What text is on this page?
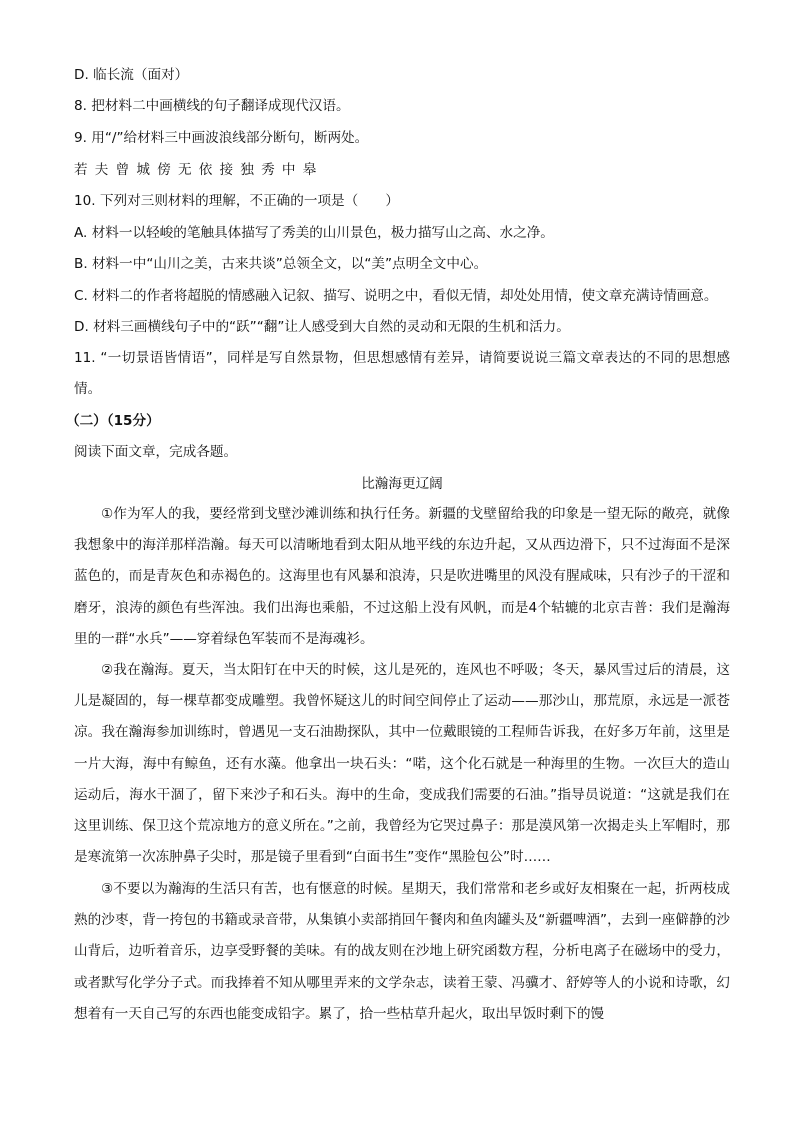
D. 临长流（面对）
8. 把材料二中画横线的句子翻译成现代汉语。
9. 用“/”给材料三中画波浪线部分断句，断两处。
若夫曾城傍无依接独秀中皋
10. 下列对三则材料的理解，不正确的一项是（　　）
A. 材料一以轻峻的笔触具体描写了秀美的山川景色，极力描写山之高、水之净。
B. 材料一中“山川之美，古来共谈”总领全文，以“美”点明全文中心。
C. 材料二的作者将超脱的情感融入记叙、描写、说明之中，看似无情，却处处用情，使文章充满诗情画意。
D. 材料三画横线句子中的“跃”“翻”让人感受到大自然的灵动和无限的生机和活力。
11. “一切景语皆情语”，同样是写自然景物，但思想感情有差异，请简要说说三篇文章表达的不同的思想感情。
（二）（15分）
阅读下面文章，完成各题。
比瀚海更辽阔
①作为军人的我，要经常到戈壁沙滩训练和执行任务。新疆的戈壁留给我的印象是一望无际的敞亮，就像我想象中的海洋那样浩瀚。每天可以清晰地看到太阳从地平线的东边升起，又从西边滑下，只不过海面不是深蓝色的，而是青灰色和赤褐色的。这海里也有风暴和浪涛，只是吹进嘴里的风没有腥咸味，只有沙子的干涩和磨牙，浪涛的颜色有些浑浊。我们出海也乘船，不过这船上没有风帆，而是4个轱辘的北京吉普：我们是瀚海里的一群“水兵”——穿着绿色军装而不是海魂衫。
②我在瀚海。夏天，当太阳钉在中天的时候，这儿是死的，连风也不呼吸；冬天，暴风雪过后的清晨，这儿是凝固的，每一棵草都变成雕塑。我曾怀疑这儿的时间空间停止了运动——那沙山，那荒原，永远是一派苍凉。我在瀚海参加训练时，曾遇见一支石油勘探队，其中一位戴眼镜的工程师告诉我，在好多万年前，这里是一片大海，海中有鲸鱼，还有水藻。他拿出一块石头：“喏，这个化石就是一种海里的生物。一次巨大的造山运动后，海水干涸了，留下来沙子和石头。海中的生命，变成我们需要的石油。”指导员说道：“这就是我们在这里训练、保卫这个荒凉地方的意义所在。”之前，我曾经为它哭过鼻子：那是漠风第一次揭走头上军帽时，那是寒流第一次冻肿鼻子尖时，那是镜子里看到“白面书生”变作“黑脸包公”时……
③不要以为瀚海的生活只有苦，也有惬意的时候。星期天，我们常常和老乡或好友相聚在一起，折两枝成熟的沙枣，背一挎包的书籍或录音带，从集镇小卖部捎回午餐肉和鱼肉罐头及“新疆啤酒”，去到一座僻静的沙山背后，边听着音乐，边享受野餐的美味。有的战友则在沙地上研究函数方程，分析电离子在磁场中的受力，或者默写化学分子式。而我捧着不知从哪里弄来的文学杂志，读着王蒙、冯骥才、舒婷等人的小说和诗歌，幻想着有一天自己写的东西也能变成铅字。累了，拾一些枯草升起火，取出早饭时剩下的馒
